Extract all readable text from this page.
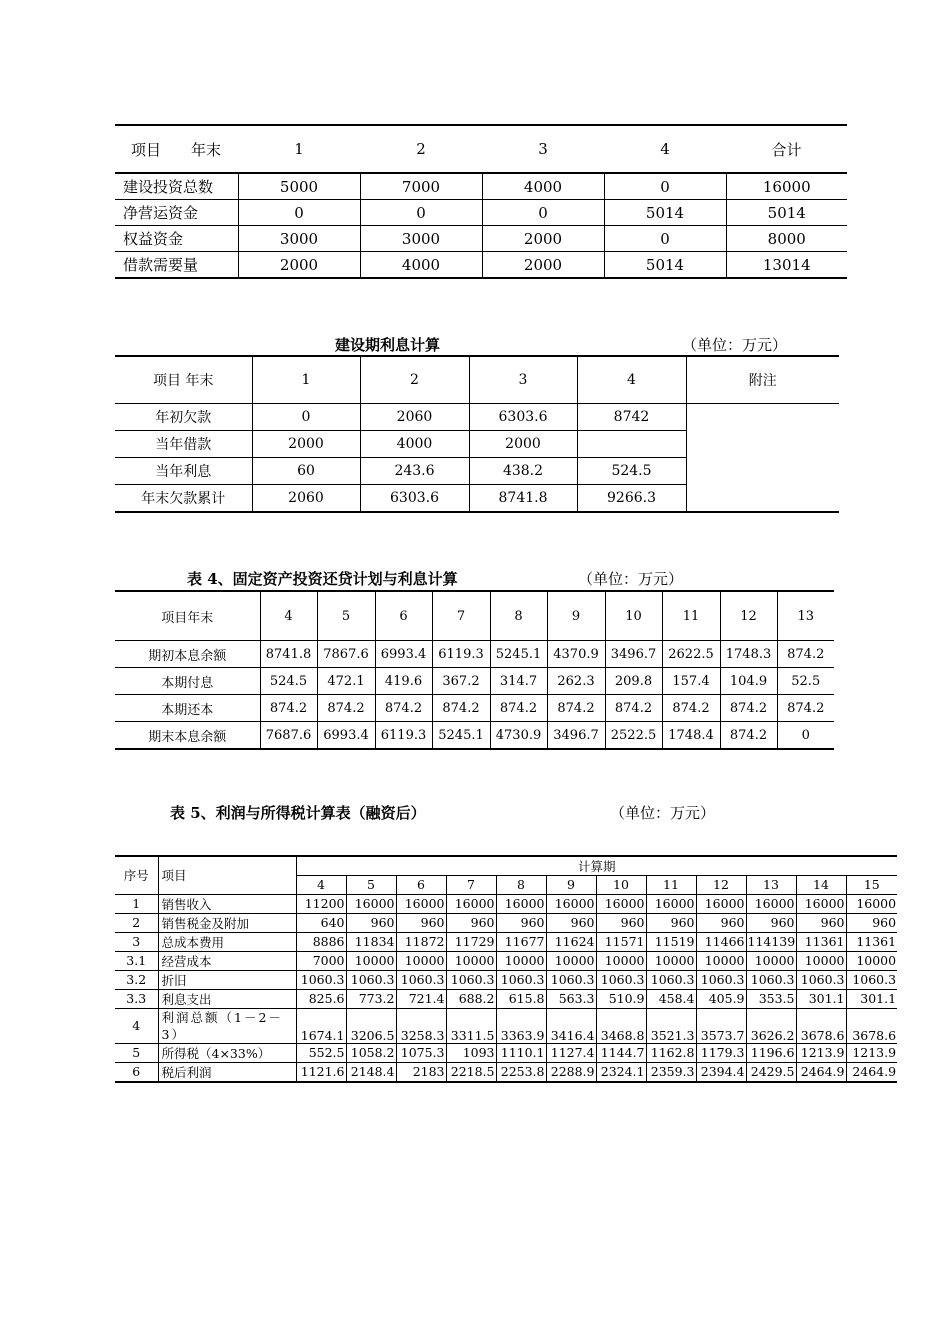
项目　　年末	1	2	3	4	合计
建设投资总数	5000	7000	4000	0	16000
净营运资金	0	0	0	5014	5014
权益资金	3000	3000	2000	0	8000
借款需要量	2000	4000	2000	5014	13014
建设期利息计算	（单位：万元）
项目 年末	1	2	3	4	附注
年初欠款	0	2060	6303.6	8742	
当年借款	2000	4000	2000		
当年利息	60	243.6	438.2	524.5	
年末欠款累计	2060	6303.6	8741.8	9266.3	
表 4、固定资产投资还贷计划与利息计算	（单位：万元）
项目年末	4	5	6	7	8	9	10	11	12	13
期初本息余额	8741.8	7867.6	6993.4	6119.3	5245.1	4370.9	3496.7	2622.5	1748.3	874.2
本期付息	524.5	472.1	419.6	367.2	314.7	262.3	209.8	157.4	104.9	52.5
本期还本	874.2	874.2	874.2	874.2	874.2	874.2	874.2	874.2	874.2	874.2
期末本息余额	7687.6	6993.4	6119.3	5245.1	4730.9	3496.7	2522.5	1748.4	874.2	0
表 5、利润与所得税计算表（融资后）	（单位：万元）
序号	项目	计算期											
		4	5	6	7	8	9	10	11	12	13	14	15
1	销售收入	11200	16000	16000	16000	16000	16000	16000	16000	16000	16000	16000	16000
2	销售税金及附加	640	960	960	960	960	960	960	960	960	960	960	960
3	总成本费用	8886	11834	11872	11729	11677	11624	11571	11519	11466	114139	11361	11361
3.1	经营成本	7000	10000	10000	10000	10000	10000	10000	10000	10000	10000	10000	10000
3.2	折旧	1060.3	1060.3	1060.3	1060.3	1060.3	1060.3	1060.3	1060.3	1060.3	1060.3	1060.3	1060.3
3.3	利息支出	825.6	773.2	721.4	688.2	615.8	563.3	510.9	458.4	405.9	353.5	301.1	301.1
4	利润总额（1－2－3）	1674.1	3206.5	3258.3	3311.5	3363.9	3416.4	3468.8	3521.3	3573.7	3626.2	3678.6	3678.6
5	所得税（4×33%）	552.5	1058.2	1075.3	1093	1110.1	1127.4	1144.7	1162.8	1179.3	1196.6	1213.9	1213.9
6	税后利润	1121.6	2148.4	2183	2218.5	2253.8	2288.9	2324.1	2359.3	2394.4	2429.5	2464.9	2464.9
